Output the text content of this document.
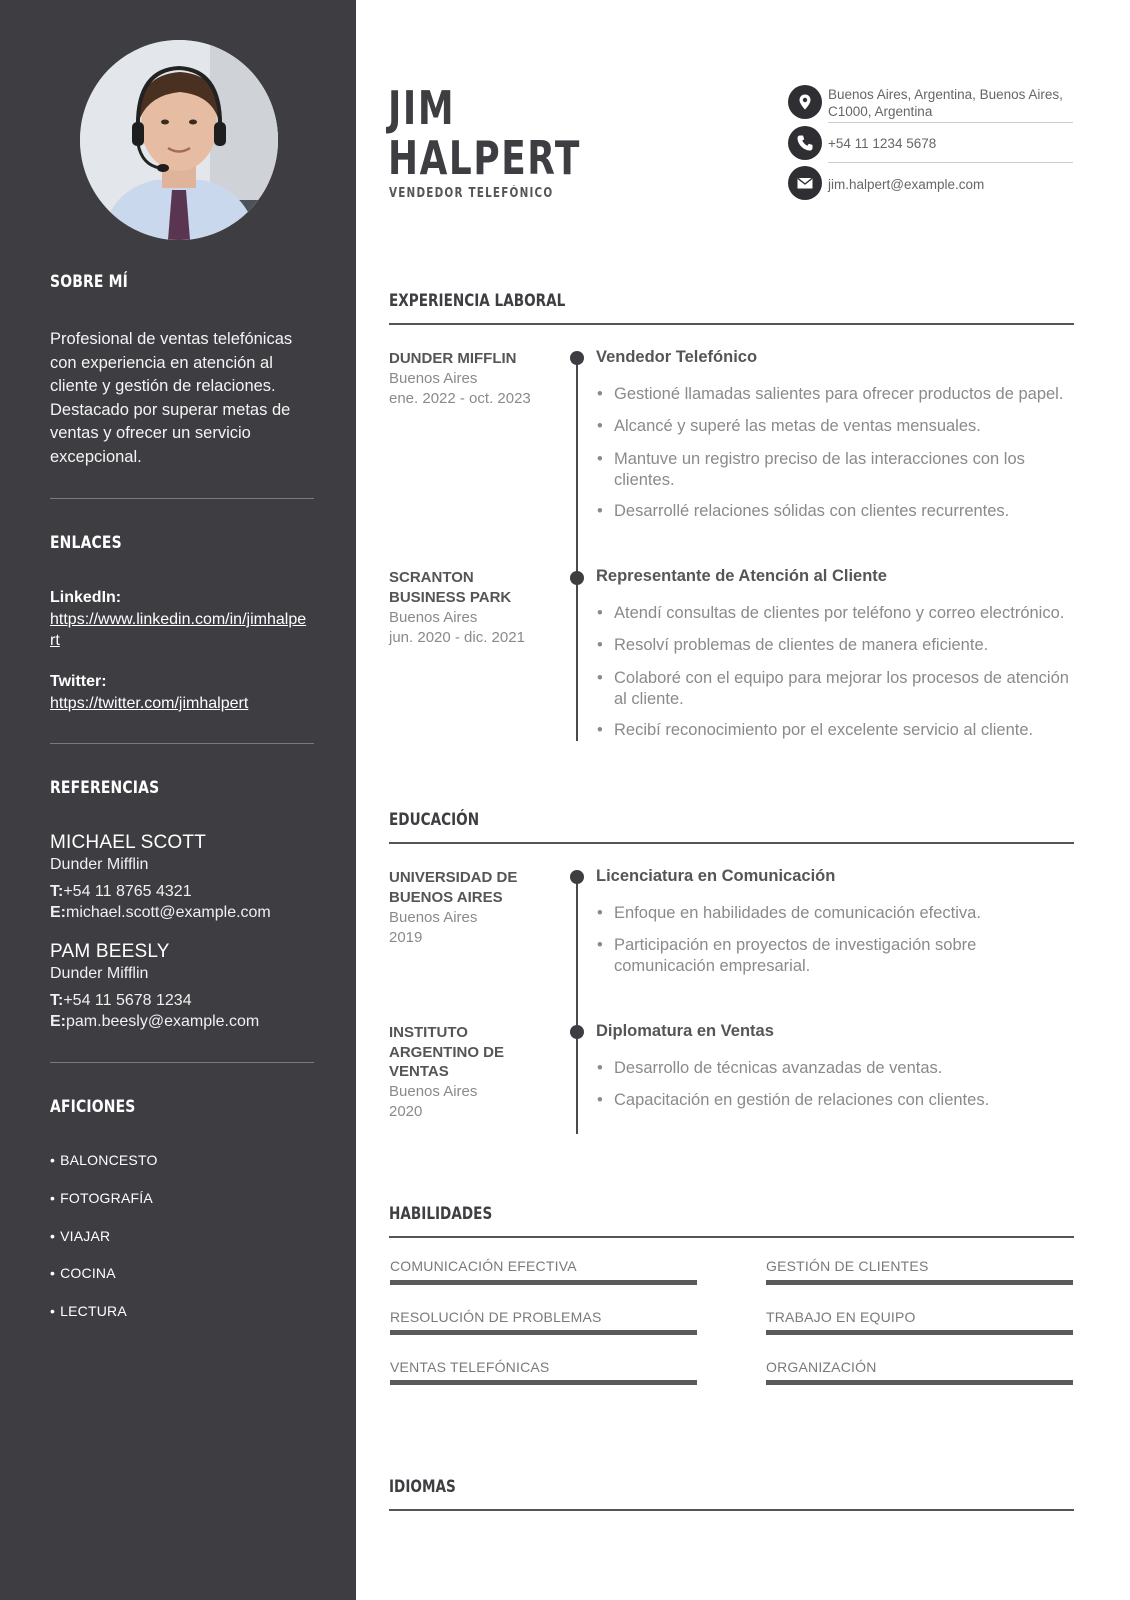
SOBRE MÍ
Profesional de ventas telefónicas con experiencia en atención al cliente y gestión de relaciones. Destacado por superar metas de ventas y ofrecer un servicio excepcional.
ENLACES
LinkedIn:
https://www.linkedin.com/in/jimhalpert
Twitter:
https://twitter.com/jimhalpert
REFERENCIAS
MICHAEL SCOTT
Dunder Mifflin
T:+54 11 8765 4321
E:michael.scott@example.com
PAM BEESLY
Dunder Mifflin
T:+54 11 5678 1234
E:pam.beesly@example.com
AFICIONES
• BALONCESTO
• FOTOGRAFÍA
• VIAJAR
• COCINA
• LECTURA
JIM
HALPERT
VENDEDOR TELEFÓNICO
Buenos Aires, Argentina, Buenos Aires, C1000, Argentina
+54 11 1234 5678
jim.halpert@example.com
EXPERIENCIA LABORAL
DUNDER MIFFLIN
Buenos Aires
ene. 2022 - oct. 2023
Vendedor Telefónico
• Gestioné llamadas salientes para ofrecer productos de papel.
• Alcancé y superé las metas de ventas mensuales.
• Mantuve un registro preciso de las interacciones con los clientes.
• Desarrollé relaciones sólidas con clientes recurrentes.
SCRANTON BUSINESS PARK
Buenos Aires
jun. 2020 - dic. 2021
Representante de Atención al Cliente
• Atendí consultas de clientes por teléfono y correo electrónico.
• Resolví problemas de clientes de manera eficiente.
• Colaboré con el equipo para mejorar los procesos de atención al cliente.
• Recibí reconocimiento por el excelente servicio al cliente.
EDUCACIÓN
UNIVERSIDAD DE BUENOS AIRES
Buenos Aires
2019
Licenciatura en Comunicación
• Enfoque en habilidades de comunicación efectiva.
• Participación en proyectos de investigación sobre comunicación empresarial.
INSTITUTO ARGENTINO DE VENTAS
Buenos Aires
2020
Diplomatura en Ventas
• Desarrollo de técnicas avanzadas de ventas.
• Capacitación en gestión de relaciones con clientes.
HABILIDADES
COMUNICACIÓN EFECTIVA	GESTIÓN DE CLIENTES
RESOLUCIÓN DE PROBLEMAS	TRABAJO EN EQUIPO
VENTAS TELEFÓNICAS	ORGANIZACIÓN
IDIOMAS
